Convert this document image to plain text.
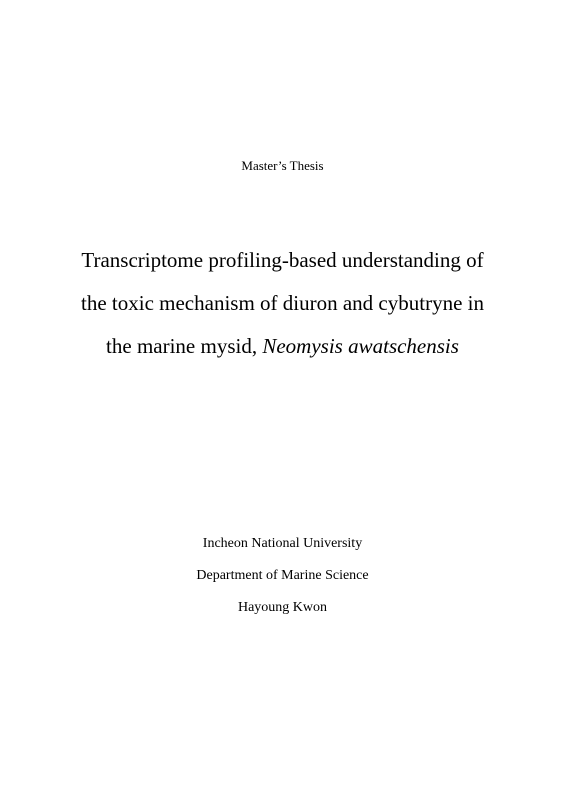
Master’s Thesis
Transcriptome profiling-based understanding of
the toxic mechanism of diuron and cybutryne in
the marine mysid, Neomysis awatschensis
Incheon National University
Department of Marine Science
Hayoung Kwon
